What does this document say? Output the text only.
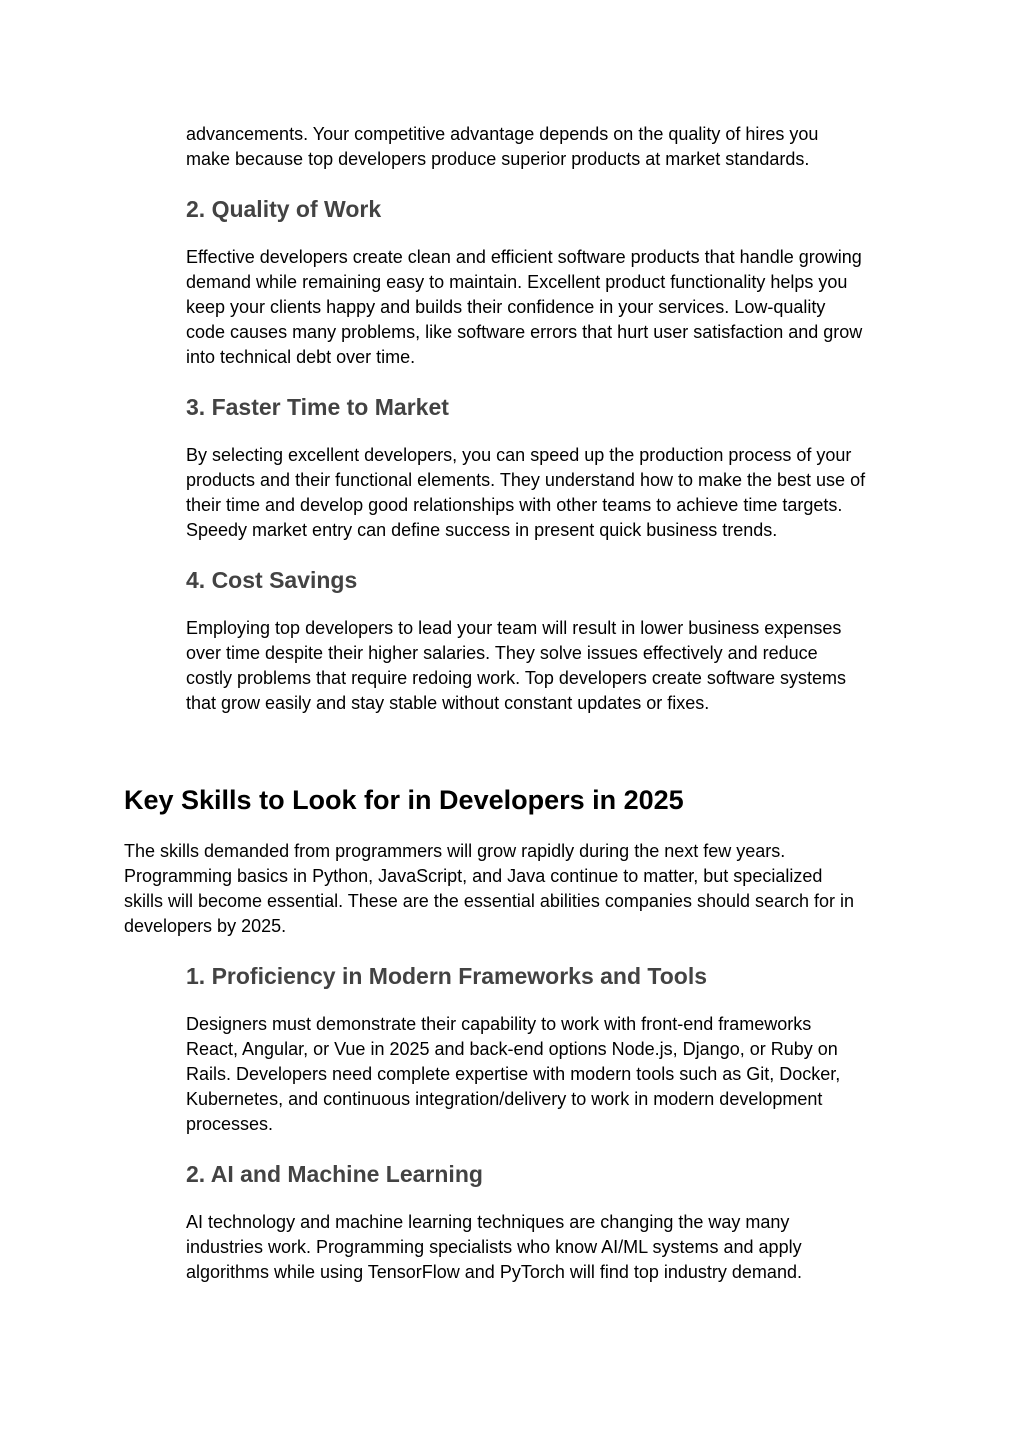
advancements. Your competitive advantage depends on the quality of hires you
make because top developers produce superior products at market standards.

2. Quality of Work

Effective developers create clean and efficient software products that handle growing
demand while remaining easy to maintain. Excellent product functionality helps you
keep your clients happy and builds their confidence in your services. Low-quality
code causes many problems, like software errors that hurt user satisfaction and grow
into technical debt over time.

3. Faster Time to Market

By selecting excellent developers, you can speed up the production process of your
products and their functional elements. They understand how to make the best use of
their time and develop good relationships with other teams to achieve time targets.
Speedy market entry can define success in present quick business trends.

4. Cost Savings

Employing top developers to lead your team will result in lower business expenses
over time despite their higher salaries. They solve issues effectively and reduce
costly problems that require redoing work. Top developers create software systems
that grow easily and stay stable without constant updates or fixes.

Key Skills to Look for in Developers in 2025

The skills demanded from programmers will grow rapidly during the next few years.
Programming basics in Python, JavaScript, and Java continue to matter, but specialized
skills will become essential. These are the essential abilities companies should search for in
developers by 2025.

1. Proficiency in Modern Frameworks and Tools

Designers must demonstrate their capability to work with front-end frameworks
React, Angular, or Vue in 2025 and back-end options Node.js, Django, or Ruby on
Rails. Developers need complete expertise with modern tools such as Git, Docker,
Kubernetes, and continuous integration/delivery to work in modern development
processes.

2. AI and Machine Learning

AI technology and machine learning techniques are changing the way many
industries work. Programming specialists who know AI/ML systems and apply
algorithms while using TensorFlow and PyTorch will find top industry demand.
